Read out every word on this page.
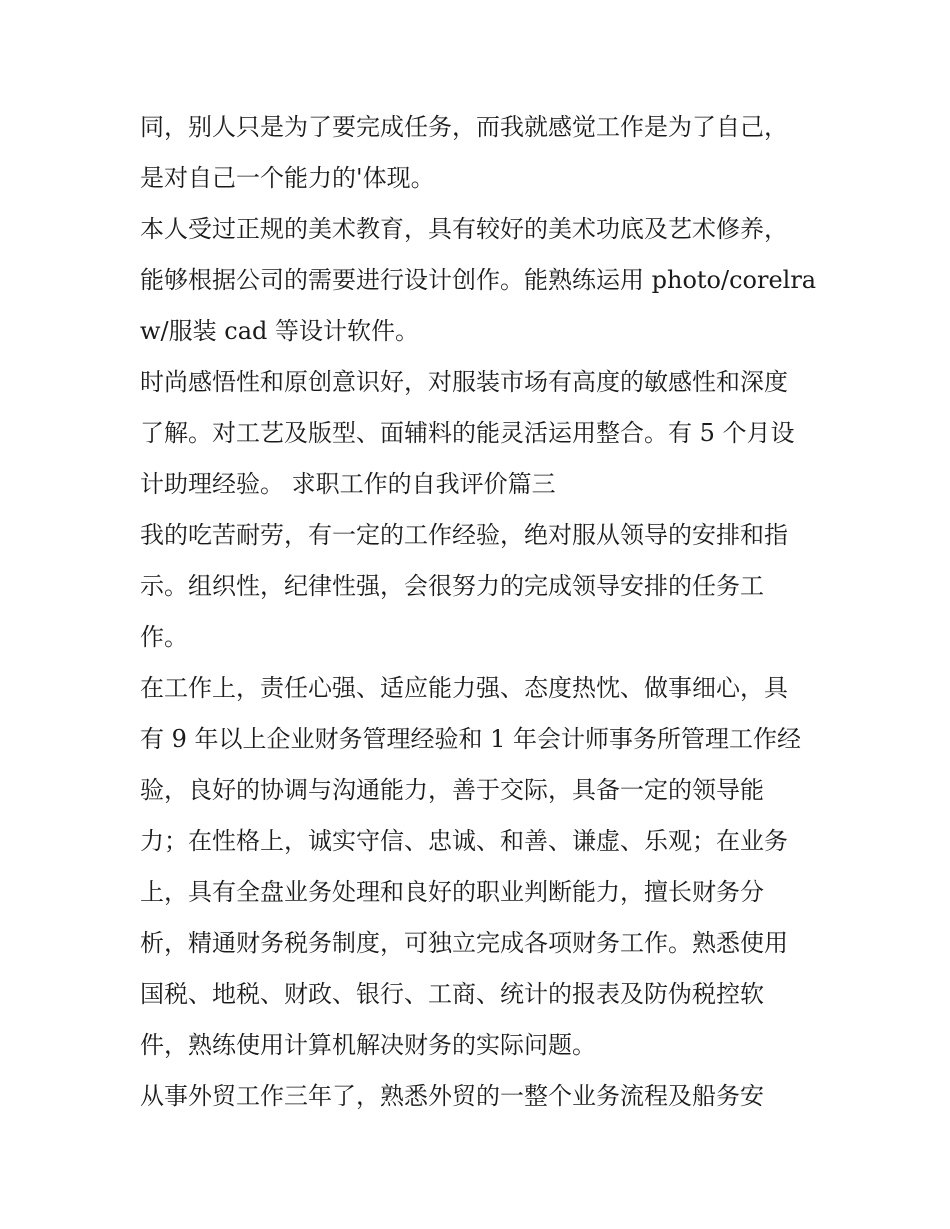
同，别人只是为了要完成任务，而我就感觉工作是为了自己，
是对自己一个能力的'体现。
本人受过正规的美术教育，具有较好的美术功底及艺术修养，
能够根据公司的需要进行设计创作。能熟练运用 photo/corelra
w/服装 cad 等设计软件。
时尚感悟性和原创意识好，对服装市场有高度的敏感性和深度
了解。对工艺及版型、面辅料的能灵活运用整合。有 5 个月设
计助理经验。 求职工作的自我评价篇三
我的吃苦耐劳，有一定的工作经验，绝对服从领导的安排和指
示。组织性，纪律性强，会很努力的完成领导安排的任务工
作。
在工作上，责任心强、适应能力强、态度热忱、做事细心，具
有 9 年以上企业财务管理经验和 1 年会计师事务所管理工作经
验，良好的协调与沟通能力，善于交际，具备一定的领导能
力；在性格上，诚实守信、忠诚、和善、谦虚、乐观；在业务
上，具有全盘业务处理和良好的职业判断能力，擅长财务分
析，精通财务税务制度，可独立完成各项财务工作。熟悉使用
国税、地税、财政、银行、工商、统计的报表及防伪税控软
件，熟练使用计算机解决财务的实际问题。
从事外贸工作三年了，熟悉外贸的一整个业务流程及船务安
